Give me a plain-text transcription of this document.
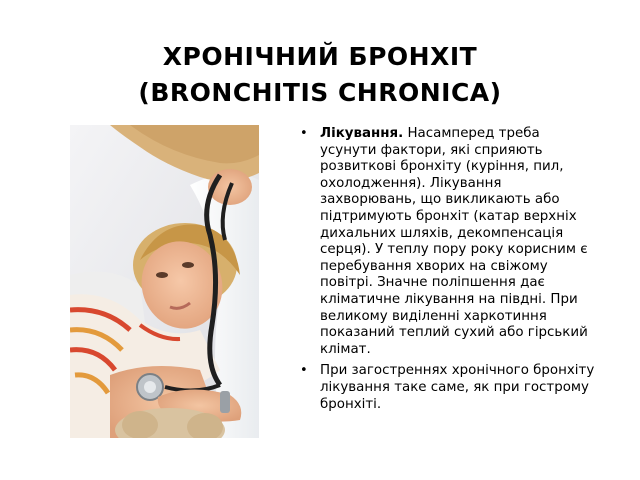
ХРОНІЧНИЙ БРОНХІТ
(BRONCHITIS CHRONICA)
• Лікування. Насамперед треба усунути фактори, які сприяють розвиткові бронхіту (куріння, пил, охолодження). Лікування захворювань, що викликають або підтримують бронхіт (катар верхніх дихальних шляхів, декомпенсація серця). У теплу пору року корисним є перебування хворих на свіжому повітрі. Значне поліпшення дає кліматичне лікування на півдні. При великому виділенні харкотиння показаний теплий сухий або гірський клімат.
• При загостреннях хронічного бронхіту лікування таке саме, як при гострому бронхіті.
